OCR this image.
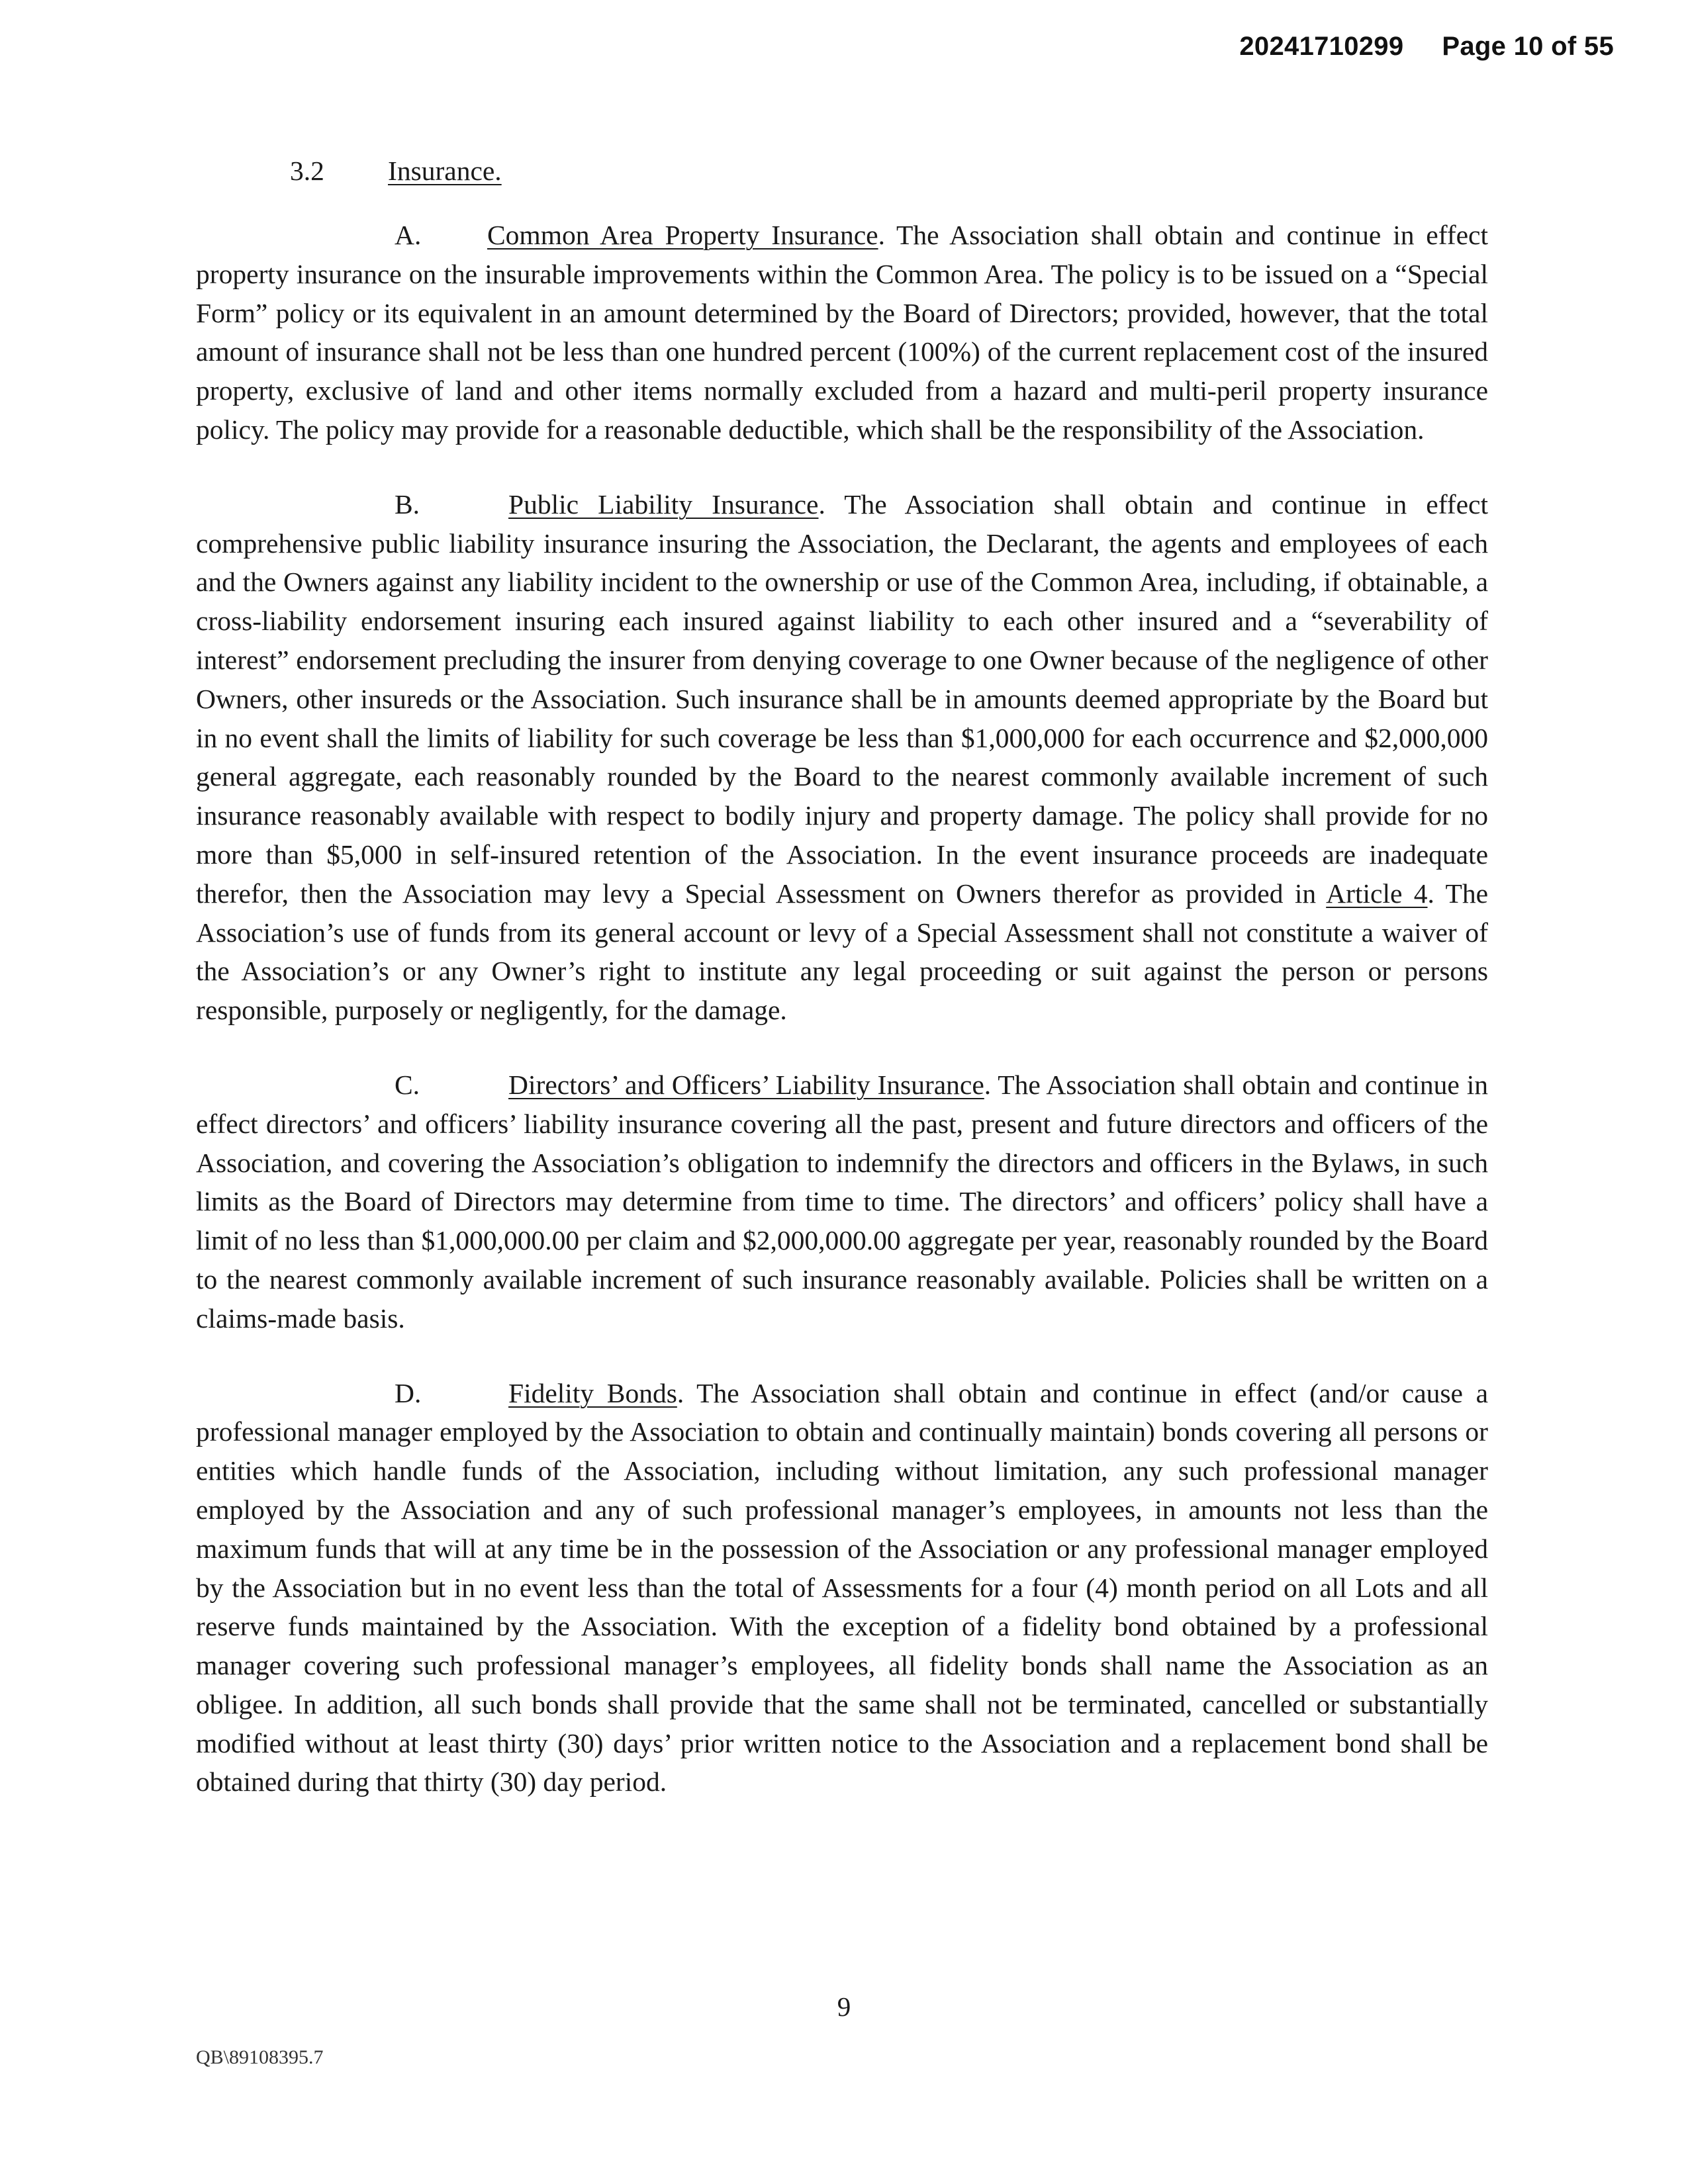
20241710299 Page 10 of 55
3.2 Insurance.

A. Common Area Property Insurance. The Association shall obtain and continue in effect property insurance on the insurable improvements within the Common Area. The policy is to be issued on a “Special Form” policy or its equivalent in an amount determined by the Board of Directors; provided, however, that the total amount of insurance shall not be less than one hundred percent (100%) of the current replacement cost of the insured property, exclusive of land and other items normally excluded from a hazard and multi-peril property insurance policy. The policy may provide for a reasonable deductible, which shall be the responsibility of the Association.

B.	Public Liability Insurance. The Association shall obtain and continue in effect comprehensive public liability insurance insuring the Association, the Declarant, the agents and employees of each and the Owners against any liability incident to the ownership or use of the Common Area, including, if obtainable, a cross-liability endorsement insuring each insured against liability to each other insured and a “severability of interest” endorsement precluding the insurer from denying coverage to one Owner because of the negligence of other Owners, other insureds or the Association. Such insurance shall be in amounts deemed appropriate by the Board but in no event shall the limits of liability for such coverage be less than $1,000,000 for each occurrence and $2,000,000 general aggregate, each reasonably rounded by the Board to the nearest commonly available increment of such insurance reasonably available with respect to bodily injury and property damage. The policy shall provide for no more than $5,000 in self-insured retention of the Association. In the event insurance proceeds are inadequate therefor, then the Association may levy a Special Assessment on Owners therefor as provided in Article 4. The Association’s use of funds from its general account or levy of a Special Assessment shall not constitute a waiver of the Association’s or any Owner’s right to institute any legal proceeding or suit against the person or persons responsible, purposely or negligently, for the damage.

C.	Directors’ and Officers’ Liability Insurance. The Association shall obtain and continue in effect directors’ and officers’ liability insurance covering all the past, present and future directors and officers of the Association, and covering the Association’s obligation to indemnify the directors and officers in the Bylaws, in such limits as the Board of Directors may determine from time to time. The directors’ and officers’ policy shall have a limit of no less than $1,000,000.00 per claim and $2,000,000.00 aggregate per year, reasonably rounded by the Board to the nearest commonly available increment of such insurance reasonably available. Policies shall be written on a claims-made basis.

D.	Fidelity Bonds. The Association shall obtain and continue in effect (and/or cause a professional manager employed by the Association to obtain and continually maintain) bonds covering all persons or entities which handle funds of the Association, including without limitation, any such professional manager employed by the Association and any of such professional manager’s employees, in amounts not less than the maximum funds that will at any time be in the possession of the Association or any professional manager employed by the Association but in no event less than the total of Assessments for a four (4) month period on all Lots and all reserve funds maintained by the Association. With the exception of a fidelity bond obtained by a professional manager covering such professional manager’s employees, all fidelity bonds shall name the Association as an obligee. In addition, all such bonds shall provide that the same shall not be terminated, cancelled or substantially modified without at least thirty (30) days’ prior written notice to the Association and a replacement bond shall be obtained during that thirty (30) day period.

9
QB\89108395.7
